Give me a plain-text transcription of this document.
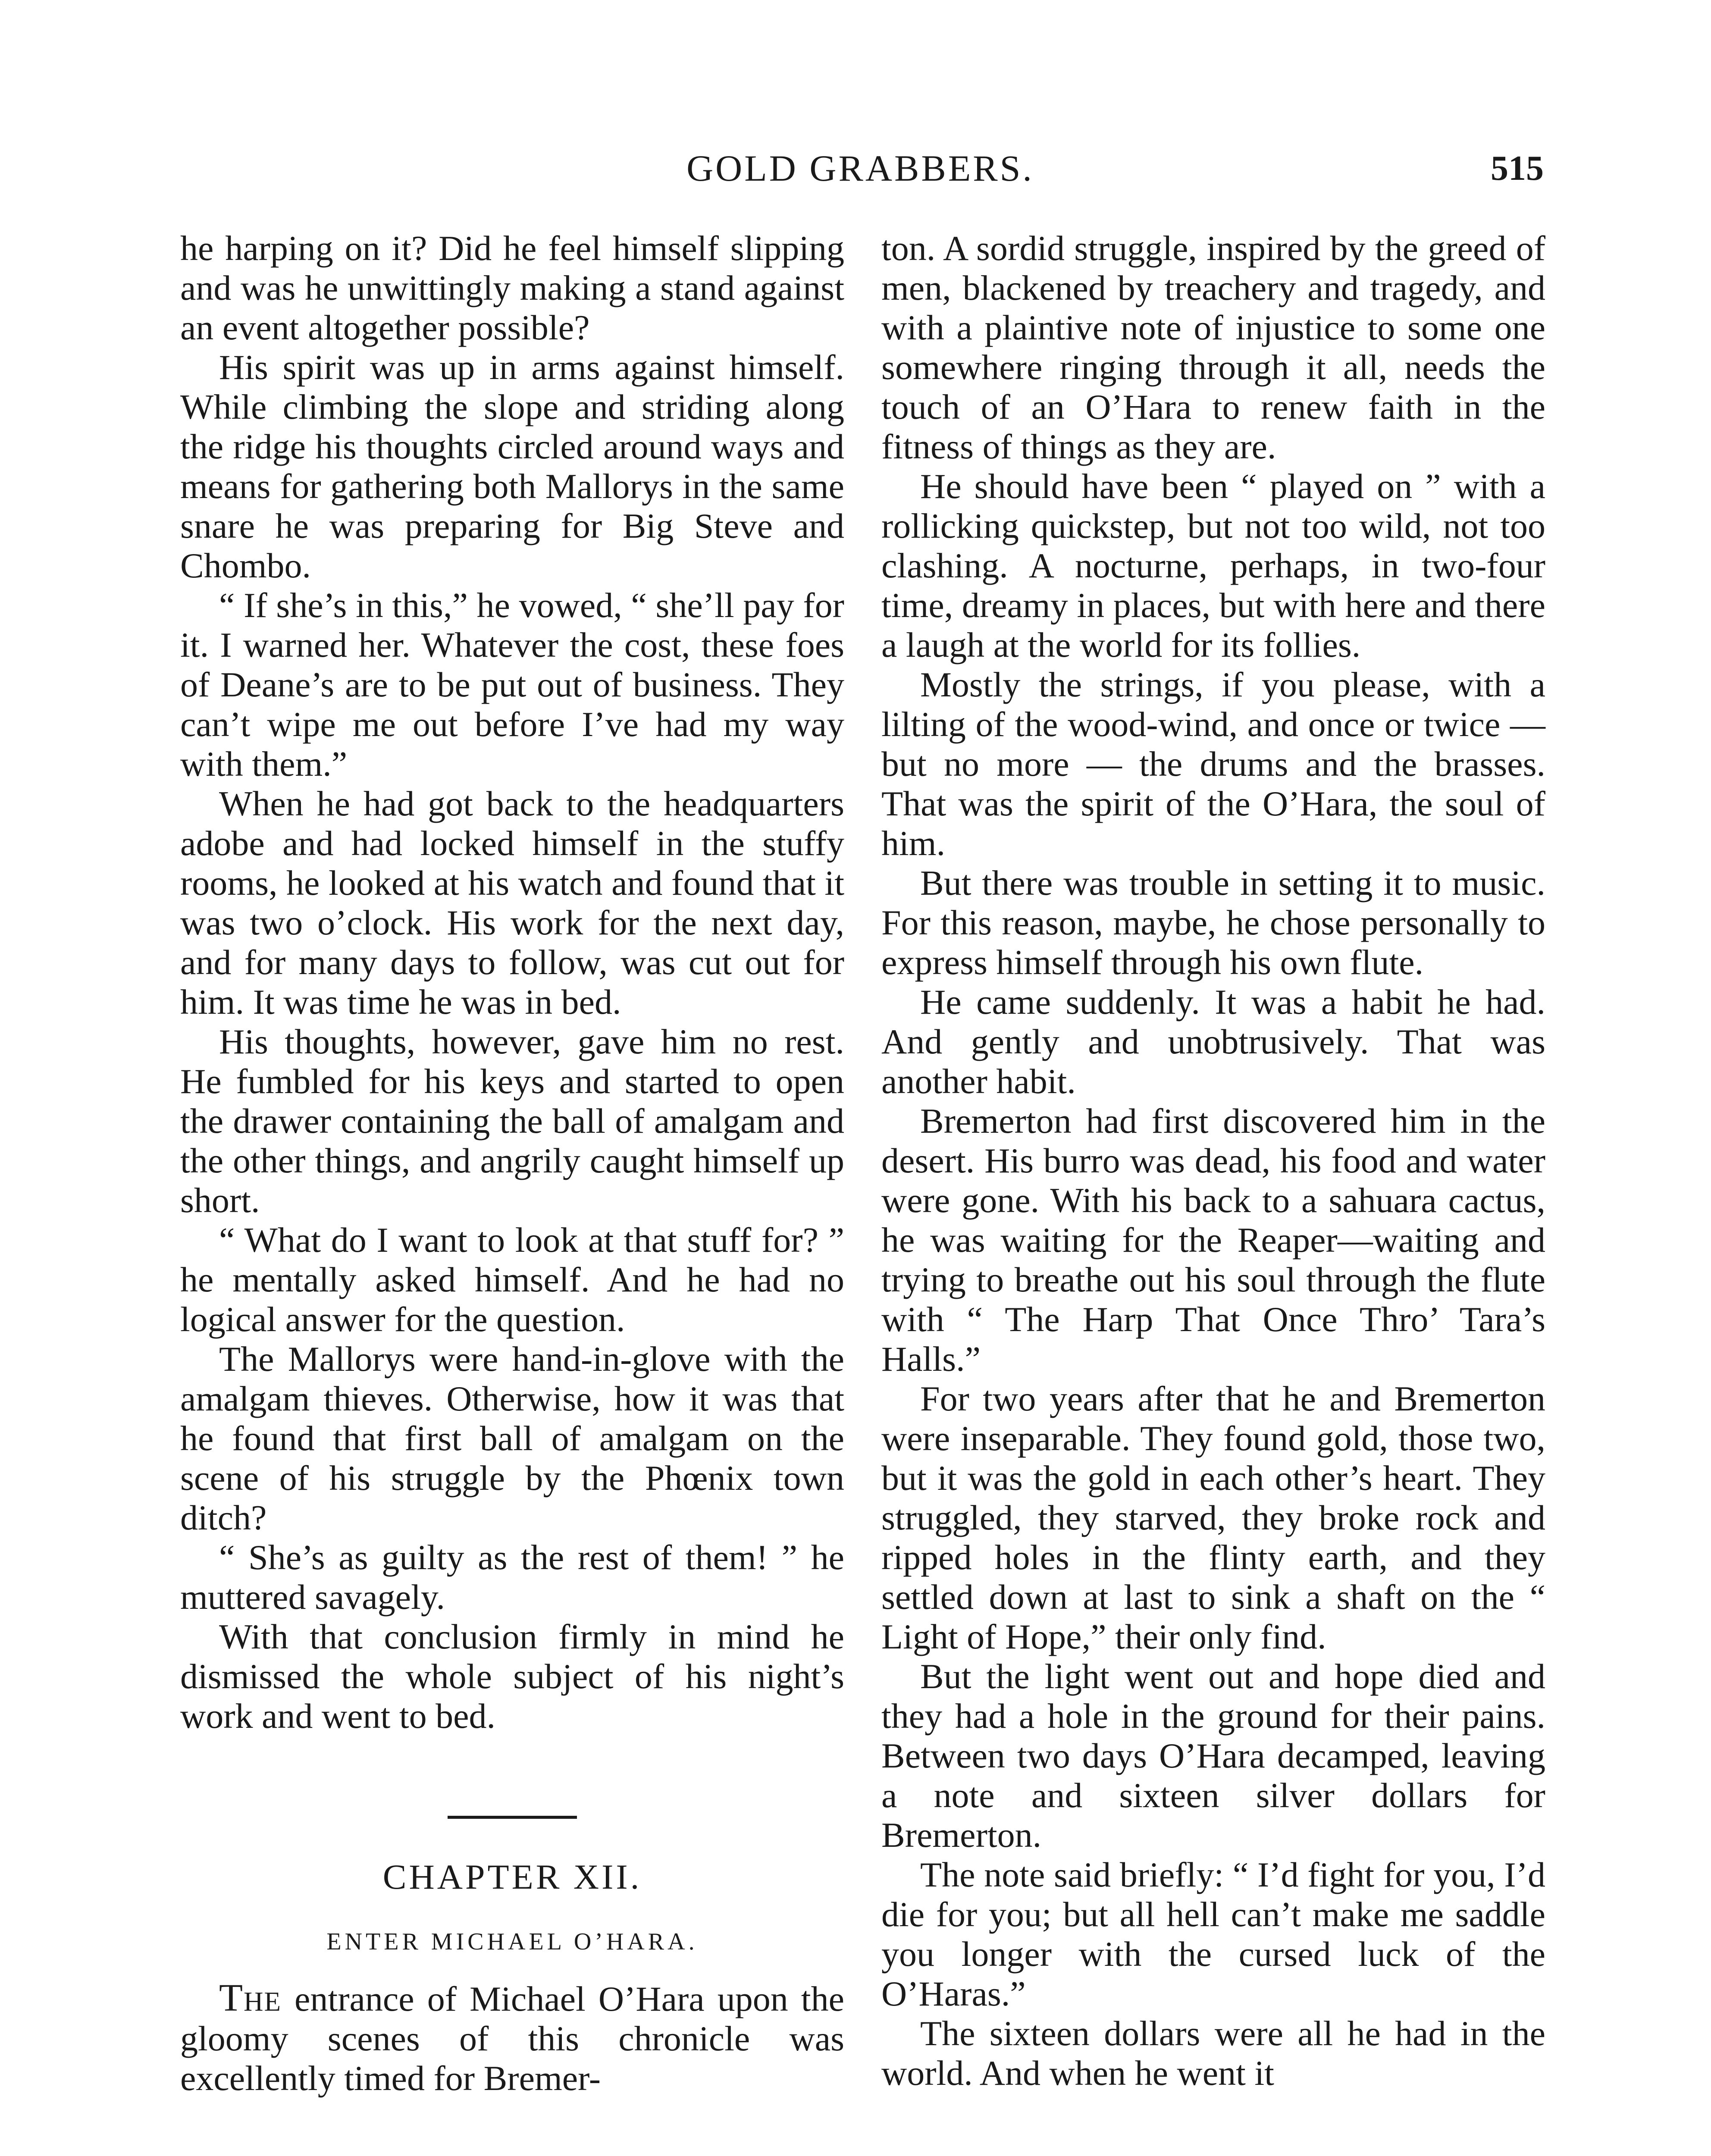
GOLD GRABBERS.	515

he harping on it? Did he feel himself slipping and was he unwittingly making a stand against an event altogether possible?

His spirit was up in arms against himself. While climbing the slope and striding along the ridge his thoughts circled around ways and means for gathering both Mallorys in the same snare he was preparing for Big Steve and Chombo.

“ If she’s in this,” he vowed, “ she’ll pay for it. I warned her. Whatever the cost, these foes of Deane’s are to be put out of business. They can’t wipe me out before I’ve had my way with them.”

When he had got back to the headquarters adobe and had locked himself in the stuffy rooms, he looked at his watch and found that it was two o’clock. His work for the next day, and for many days to follow, was cut out for him. It was time he was in bed.

His thoughts, however, gave him no rest. He fumbled for his keys and started to open the drawer containing the ball of amalgam and the other things, and angrily caught himself up short.

“ What do I want to look at that stuff for? ” he mentally asked himself. And he had no logical answer for the question.

The Mallorys were hand-in-glove with the amalgam thieves. Otherwise, how it was that he found that first ball of amalgam on the scene of his struggle by the Phœnix town ditch?

“ She’s as guilty as the rest of them! ” he muttered savagely.

With that conclusion firmly in mind he dismissed the whole subject of his night’s work and went to bed.

CHAPTER XII.
ENTER MICHAEL O’HARA.

The entrance of Michael O’Hara upon the gloomy scenes of this chronicle was excellently timed for Bremer-

ton. A sordid struggle, inspired by the greed of men, blackened by treachery and tragedy, and with a plaintive note of injustice to some one somewhere ringing through it all, needs the touch of an O’Hara to renew faith in the fitness of things as they are.

He should have been “ played on ” with a rollicking quickstep, but not too wild, not too clashing. A nocturne, perhaps, in two-four time, dreamy in places, but with here and there a laugh at the world for its follies.

Mostly the strings, if you please, with a lilting of the wood-wind, and once or twice — but no more — the drums and the brasses. That was the spirit of the O’Hara, the soul of him.

But there was trouble in setting it to music. For this reason, maybe, he chose personally to express himself through his own flute.

He came suddenly. It was a habit he had. And gently and unobtrusively. That was another habit.

Bremerton had first discovered him in the desert. His burro was dead, his food and water were gone. With his back to a sahuara cactus, he was waiting for the Reaper—waiting and trying to breathe out his soul through the flute with “ The Harp That Once Thro’ Tara’s Halls.”

For two years after that he and Bremerton were inseparable. They found gold, those two, but it was the gold in each other’s heart. They struggled, they starved, they broke rock and ripped holes in the flinty earth, and they settled down at last to sink a shaft on the “ Light of Hope,” their only find.

But the light went out and hope died and they had a hole in the ground for their pains. Between two days O’Hara decamped, leaving a note and sixteen silver dollars for Bremerton.

The note said briefly: “ I’d fight for you, I’d die for you; but all hell can’t make me saddle you longer with the cursed luck of the O’Haras.”

The sixteen dollars were all he had in the world. And when he went it
